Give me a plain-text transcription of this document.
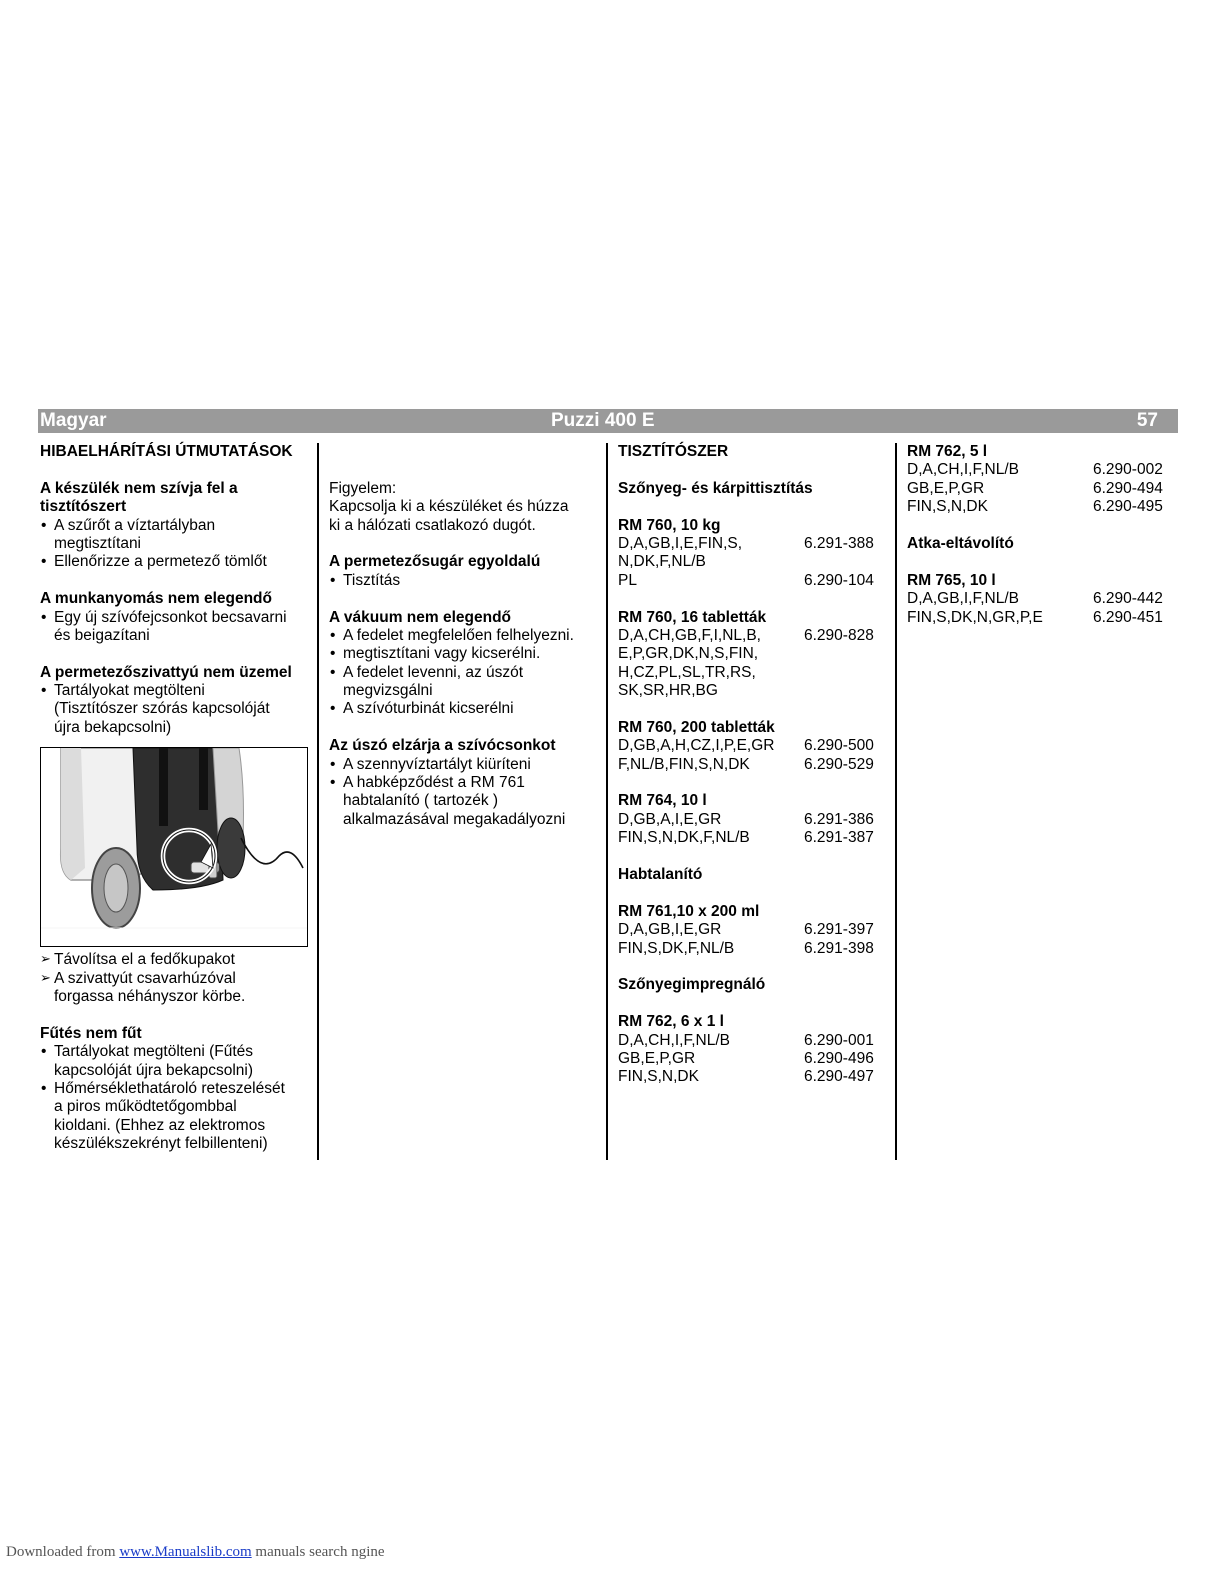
Magyar	Puzzi 400 E	57
HIBAELHÁRÍTÁSI ÚTMUTATÁSOK
A készülék nem szívja fel a
tisztítószert
• A szűrőt a víztartályban
megtisztítani
• Ellenőrizze a permetező tömlőt
A munkanyomás nem elegendő
• Egy új szívófejcsonkot becsavarni
és beigazítani
A permetezőszivattyú nem üzemel
• Tartályokat megtölteni
(Tisztítószer szórás kapcsolóját
újra bekapcsolni)
➢ Távolítsa el a fedőkupakot
➢ A szivattyút csavarhúzóval
forgassa néhányszor körbe.
Fűtés nem fűt
• Tartályokat megtölteni (Fűtés
kapcsolóját újra bekapcsolni)
• Hőmérséklethatároló reteszelését
a piros működtetőgombbal
kioldani. (Ehhez az elektromos
készülékszekrényt felbillenteni)
Figyelem:
Kapcsolja ki a készüléket és húzza
ki a hálózati csatlakozó dugót.
A permetezősugár egyoldalú
• Tisztítás
A vákuum nem elegendő
• A fedelet megfelelően felhelyezni.
• megtisztítani vagy kicserélni.
• A fedelet levenni, az úszót
megvizsgálni
• A szívóturbinát kicserélni
Az úszó elzárja a szívócsonkot
• A szennyvíztartályt kiüríteni
• A habképződést a RM 761
habtalanító ( tartozék )
alkalmazásával megakadályozni
TISZTÍTÓSZER
Szőnyeg- és kárpittisztítás
RM 760, 10 kg
D,A,GB,I,E,FIN,S,	6.291-388
N,DK,F,NL/B
PL	6.290-104
RM 760, 16 tabletták
D,A,CH,GB,F,I,NL,B,	6.290-828
E,P,GR,DK,N,S,FIN,
H,CZ,PL,SL,TR,RS,
SK,SR,HR,BG
RM 760, 200 tabletták
D,GB,A,H,CZ,I,P,E,GR 6.290-500
F,NL/B,FIN,S,N,DK	6.290-529
RM 764, 10 l
D,GB,A,I,E,GR	6.291-386
FIN,S,N,DK,F,NL/B	6.291-387
Habtalanító
RM 761,10 x 200 ml
D,A,GB,I,E,GR	6.291-397
FIN,S,DK,F,NL/B	6.291-398
Szőnyegimpregnáló
RM 762, 6 x 1 l
D,A,CH,I,F,NL/B	6.290-001
GB,E,P,GR	6.290-496
FIN,S,N,DK	6.290-497
RM 762, 5 l
D,A,CH,I,F,NL/B	6.290-002
GB,E,P,GR	6.290-494
FIN,S,N,DK	6.290-495
Atka-eltávolító
RM 765, 10 l
D,A,GB,I,F,NL/B	6.290-442
FIN,S,DK,N,GR,P,E	6.290-451
Downloaded from www.Manualslib.com manuals search ngine
